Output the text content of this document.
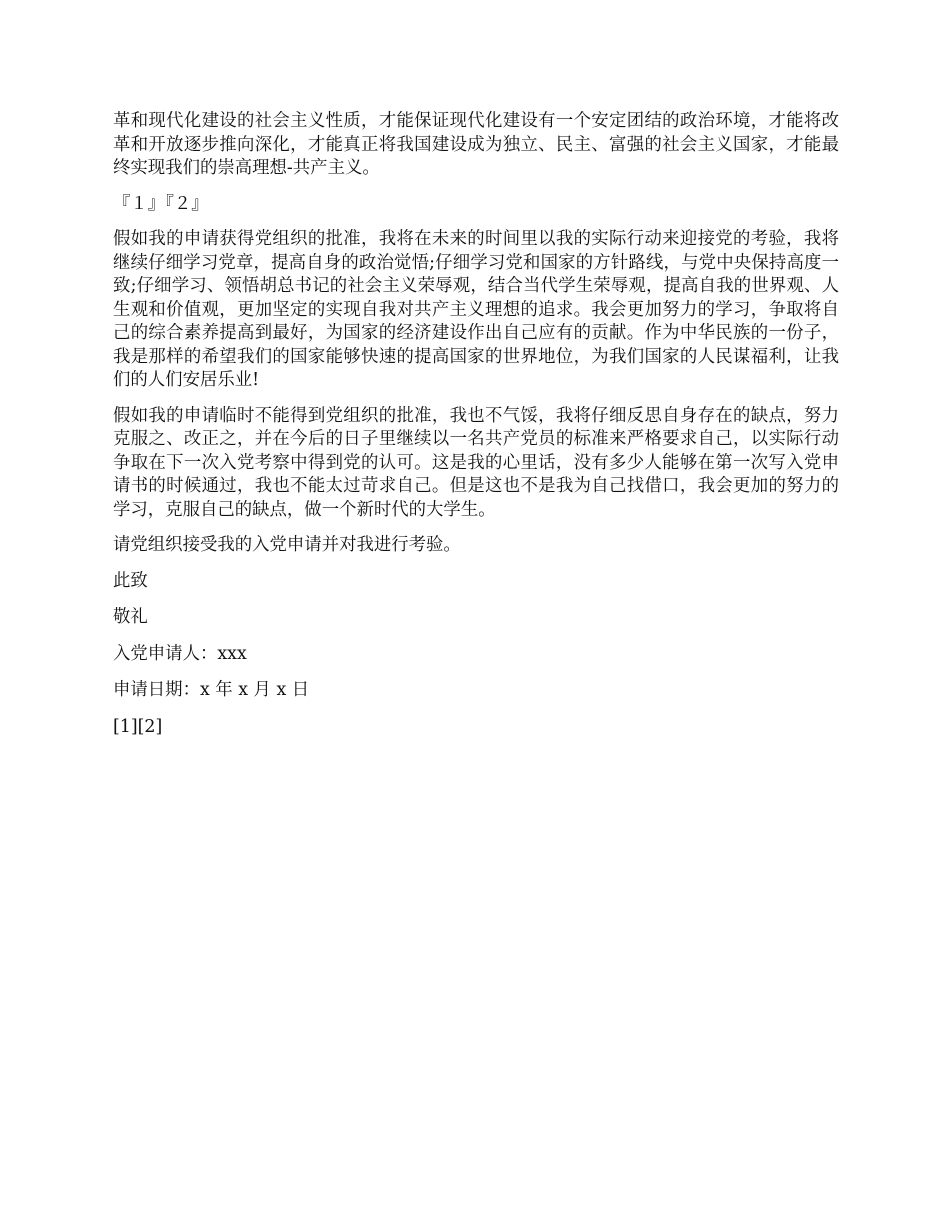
革和现代化建设的社会主义性质，才能保证现代化建设有一个安定团结的政治环境，才能将改革和开放逐步推向深化，才能真正将我国建设成为独立、民主、富强的社会主义国家，才能最终实现我们的崇高理想-共产主义。

『１』『２』

假如我的申请获得党组织的批准，我将在未来的时间里以我的实际行动来迎接党的考验，我将继续仔细学习党章，提高自身的政治觉悟;仔细学习党和国家的方针路线，与党中央保持高度一致;仔细学习、领悟胡总书记的社会主义荣辱观，结合当代学生荣辱观，提高自我的世界观、人生观和价值观，更加坚定的实现自我对共产主义理想的追求。我会更加努力的学习，争取将自己的综合素养提高到最好，为国家的经济建设作出自己应有的贡献。作为中华民族的一份子，我是那样的希望我们的国家能够快速的提高国家的世界地位，为我们国家的人民谋福利，让我们的人们安居乐业!

假如我的申请临时不能得到党组织的批准，我也不气馁，我将仔细反思自身存在的缺点，努力克服之、改正之，并在今后的日子里继续以一名共产党员的标准来严格要求自己，以实际行动争取在下一次入党考察中得到党的认可。这是我的心里话，没有多少人能够在第一次写入党申请书的时候通过，我也不能太过苛求自己。但是这也不是我为自己找借口，我会更加的努力的学习，克服自己的缺点，做一个新时代的大学生。

请党组织接受我的入党申请并对我进行考验。

此致

敬礼

入党申请人：xxx

申请日期：x 年 x 月 x 日

[1][2]
